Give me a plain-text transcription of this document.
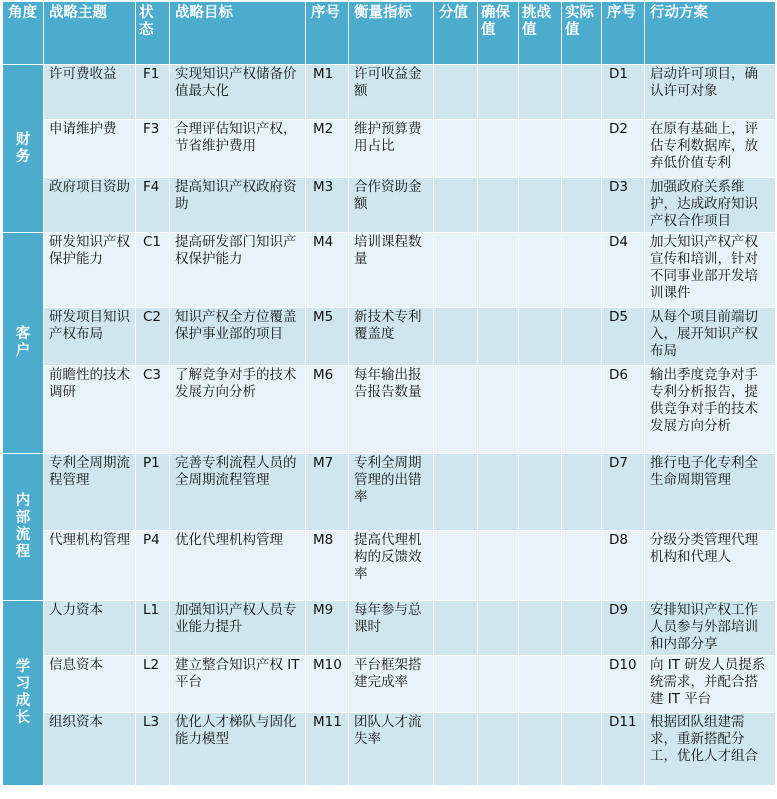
角度	战略主题	状态	战略目标	序号	衡量指标	分值	确保值	挑战值	实际值	序号	行动方案
财务	许可费收益	F1	实现知识产权储备价值最大化	M1	许可收益金额					D1	启动许可项目，确认许可对象
	申请维护费	F3	合理评估知识产权，节省维护费用	M2	维护预算费用占比					D2	在原有基础上，评估专利数据库，放弃低价值专利
	政府项目资助	F4	提高知识产权政府资助	M3	合作资助金额					D3	加强政府关系维护，达成政府知识产权合作项目
客户	研发知识产权保护能力	C1	提高研发部门知识产权保护能力	M4	培训课程数量					D4	加大知识产权产权宣传和培训，针对不同事业部开发培训课件
	研发项目知识产权布局	C2	知识产权全方位覆盖保护事业部的项目	M5	新技术专利覆盖度					D5	从每个项目前端切入，展开知识产权布局
	前瞻性的技术调研	C3	了解竞争对手的技术发展方向分析	M6	每年输出报告报告数量					D6	输出季度竞争对手专利分析报告，提供竞争对手的技术发展方向分析
内部流程	专利全周期流程管理	P1	完善专利流程人员的全周期流程管理	M7	专利全周期管理的出错率					D7	推行电子化专利全生命周期管理
	代理机构管理	P4	优化代理机构管理	M8	提高代理机构的反馈效率					D8	分级分类管理代理机构和代理人
学习成长	人力资本	L1	加强知识产权人员专业能力提升	M9	每年参与总课时					D9	安排知识产权工作人员参与外部培训和内部分享
	信息资本	L2	建立整合知识产权 IT 平台	M10	平台框架搭建完成率					D10	向 IT 研发人员提系统需求，并配合搭建 IT 平台
	组织资本	L3	优化人才梯队与固化能力模型	M11	团队人才流失率					D11	根据团队组建需求，重新搭配分工，优化人才组合
